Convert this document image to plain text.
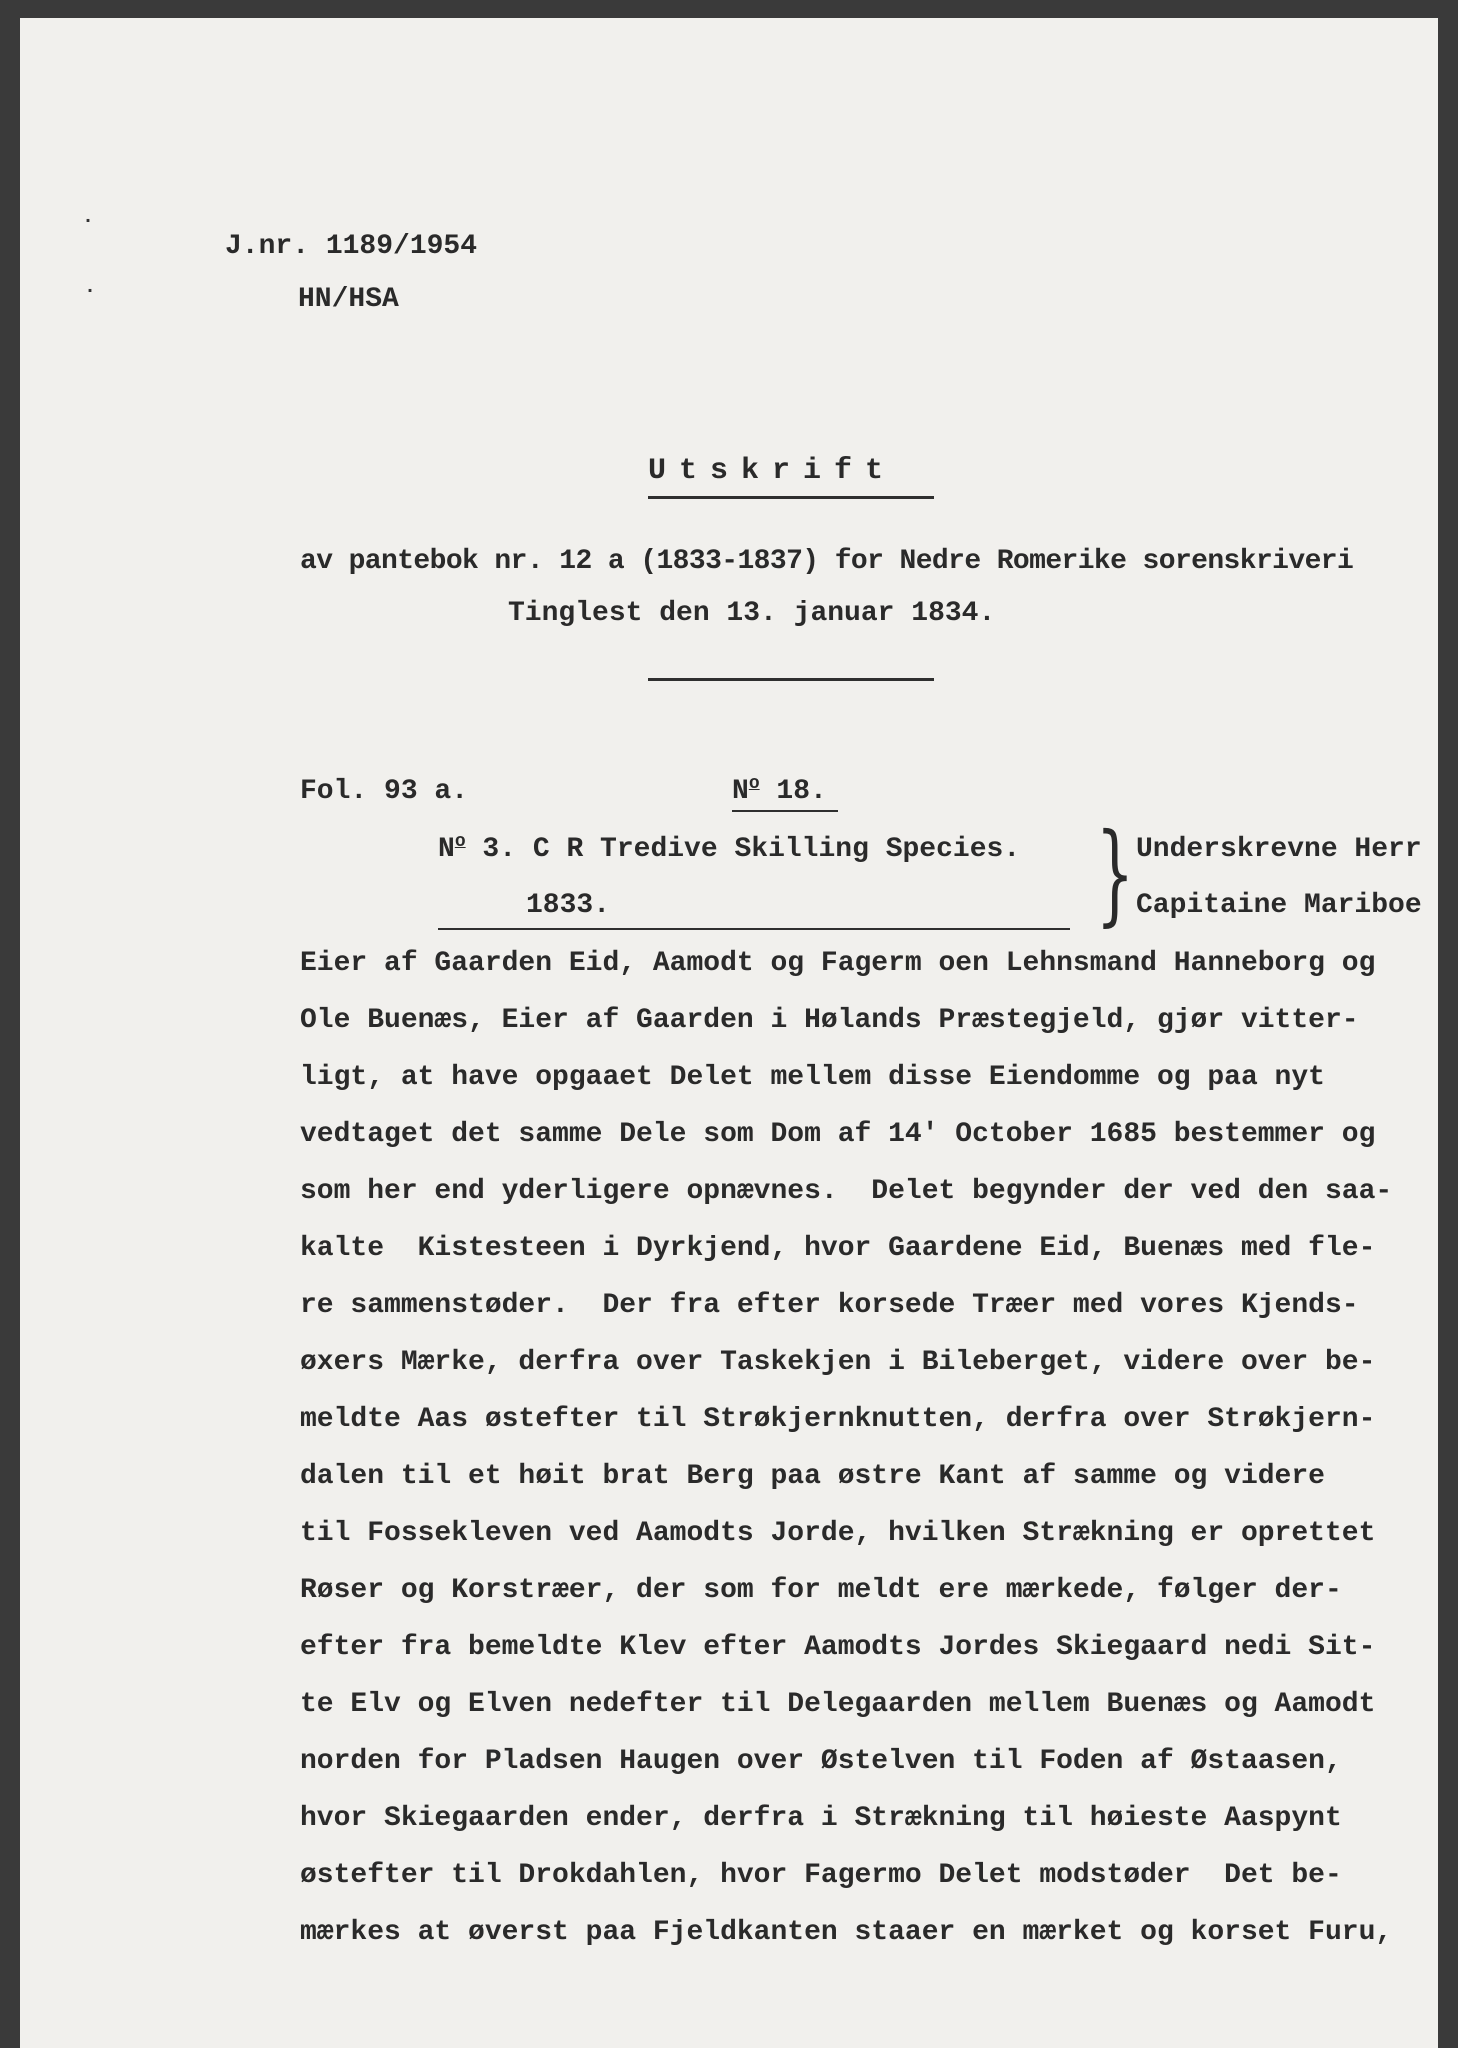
·
·
J.nr. 1189/1954
HN/HSA
Utskrift
av pantebok nr. 12 a (1833-1837) for Nedre Romerike sorenskriveri
Tinglest den 13. januar 1834.
Fol. 93 a.	$N^o$ 18.
$N^o$ 3. C R Tredive Skilling Species.
1833.	} Underskrevne Herr
Capitaine Mariboe
Eier af Gaarden Eid, Aamodt og Fagerm oen Lehnsmand Hanneborg og
Ole Buenæs, Eier af Gaarden i Hølands Præstegjeld, gjør vitter-
ligt, at have opgaaet Delet mellem disse Eiendomme og paa nyt
vedtaget det samme Dele som Dom af 14' October 1685 bestemmer og
som her end yderligere opnævnes.  Delet begynder der ved den saa-
kalte  Kistesteen i Dyrkjend, hvor Gaardene Eid, Buenæs med fle-
re sammenstøder.  Der fra efter korsede Træer med vores Kjends-
øxers Mærke, derfra over Taskekjen i Bileberget, videre over be-
meldte Aas østefter til Strøkjernknutten, derfra over Strøkjern-
dalen til et høit brat Berg paa østre Kant af samme og videre
til Fossekleven ved Aamodts Jorde, hvilken Strækning er oprettet
Røser og Korstræer, der som for meldt ere mærkede, følger der-
efter fra bemeldte Klev efter Aamodts Jordes Skiegaard nedi Sit-
te Elv og Elven nedefter til Delegaarden mellem Buenæs og Aamodt
norden for Pladsen Haugen over Østelven til Foden af Østaasen,
hvor Skiegaarden ender, derfra i Strækning til høieste Aaspynt
østefter til Drokdahlen, hvor Fagermo Delet modstøder  Det be-
mærkes at øverst paa Fjeldkanten staaer en mærket og korset Furu,
